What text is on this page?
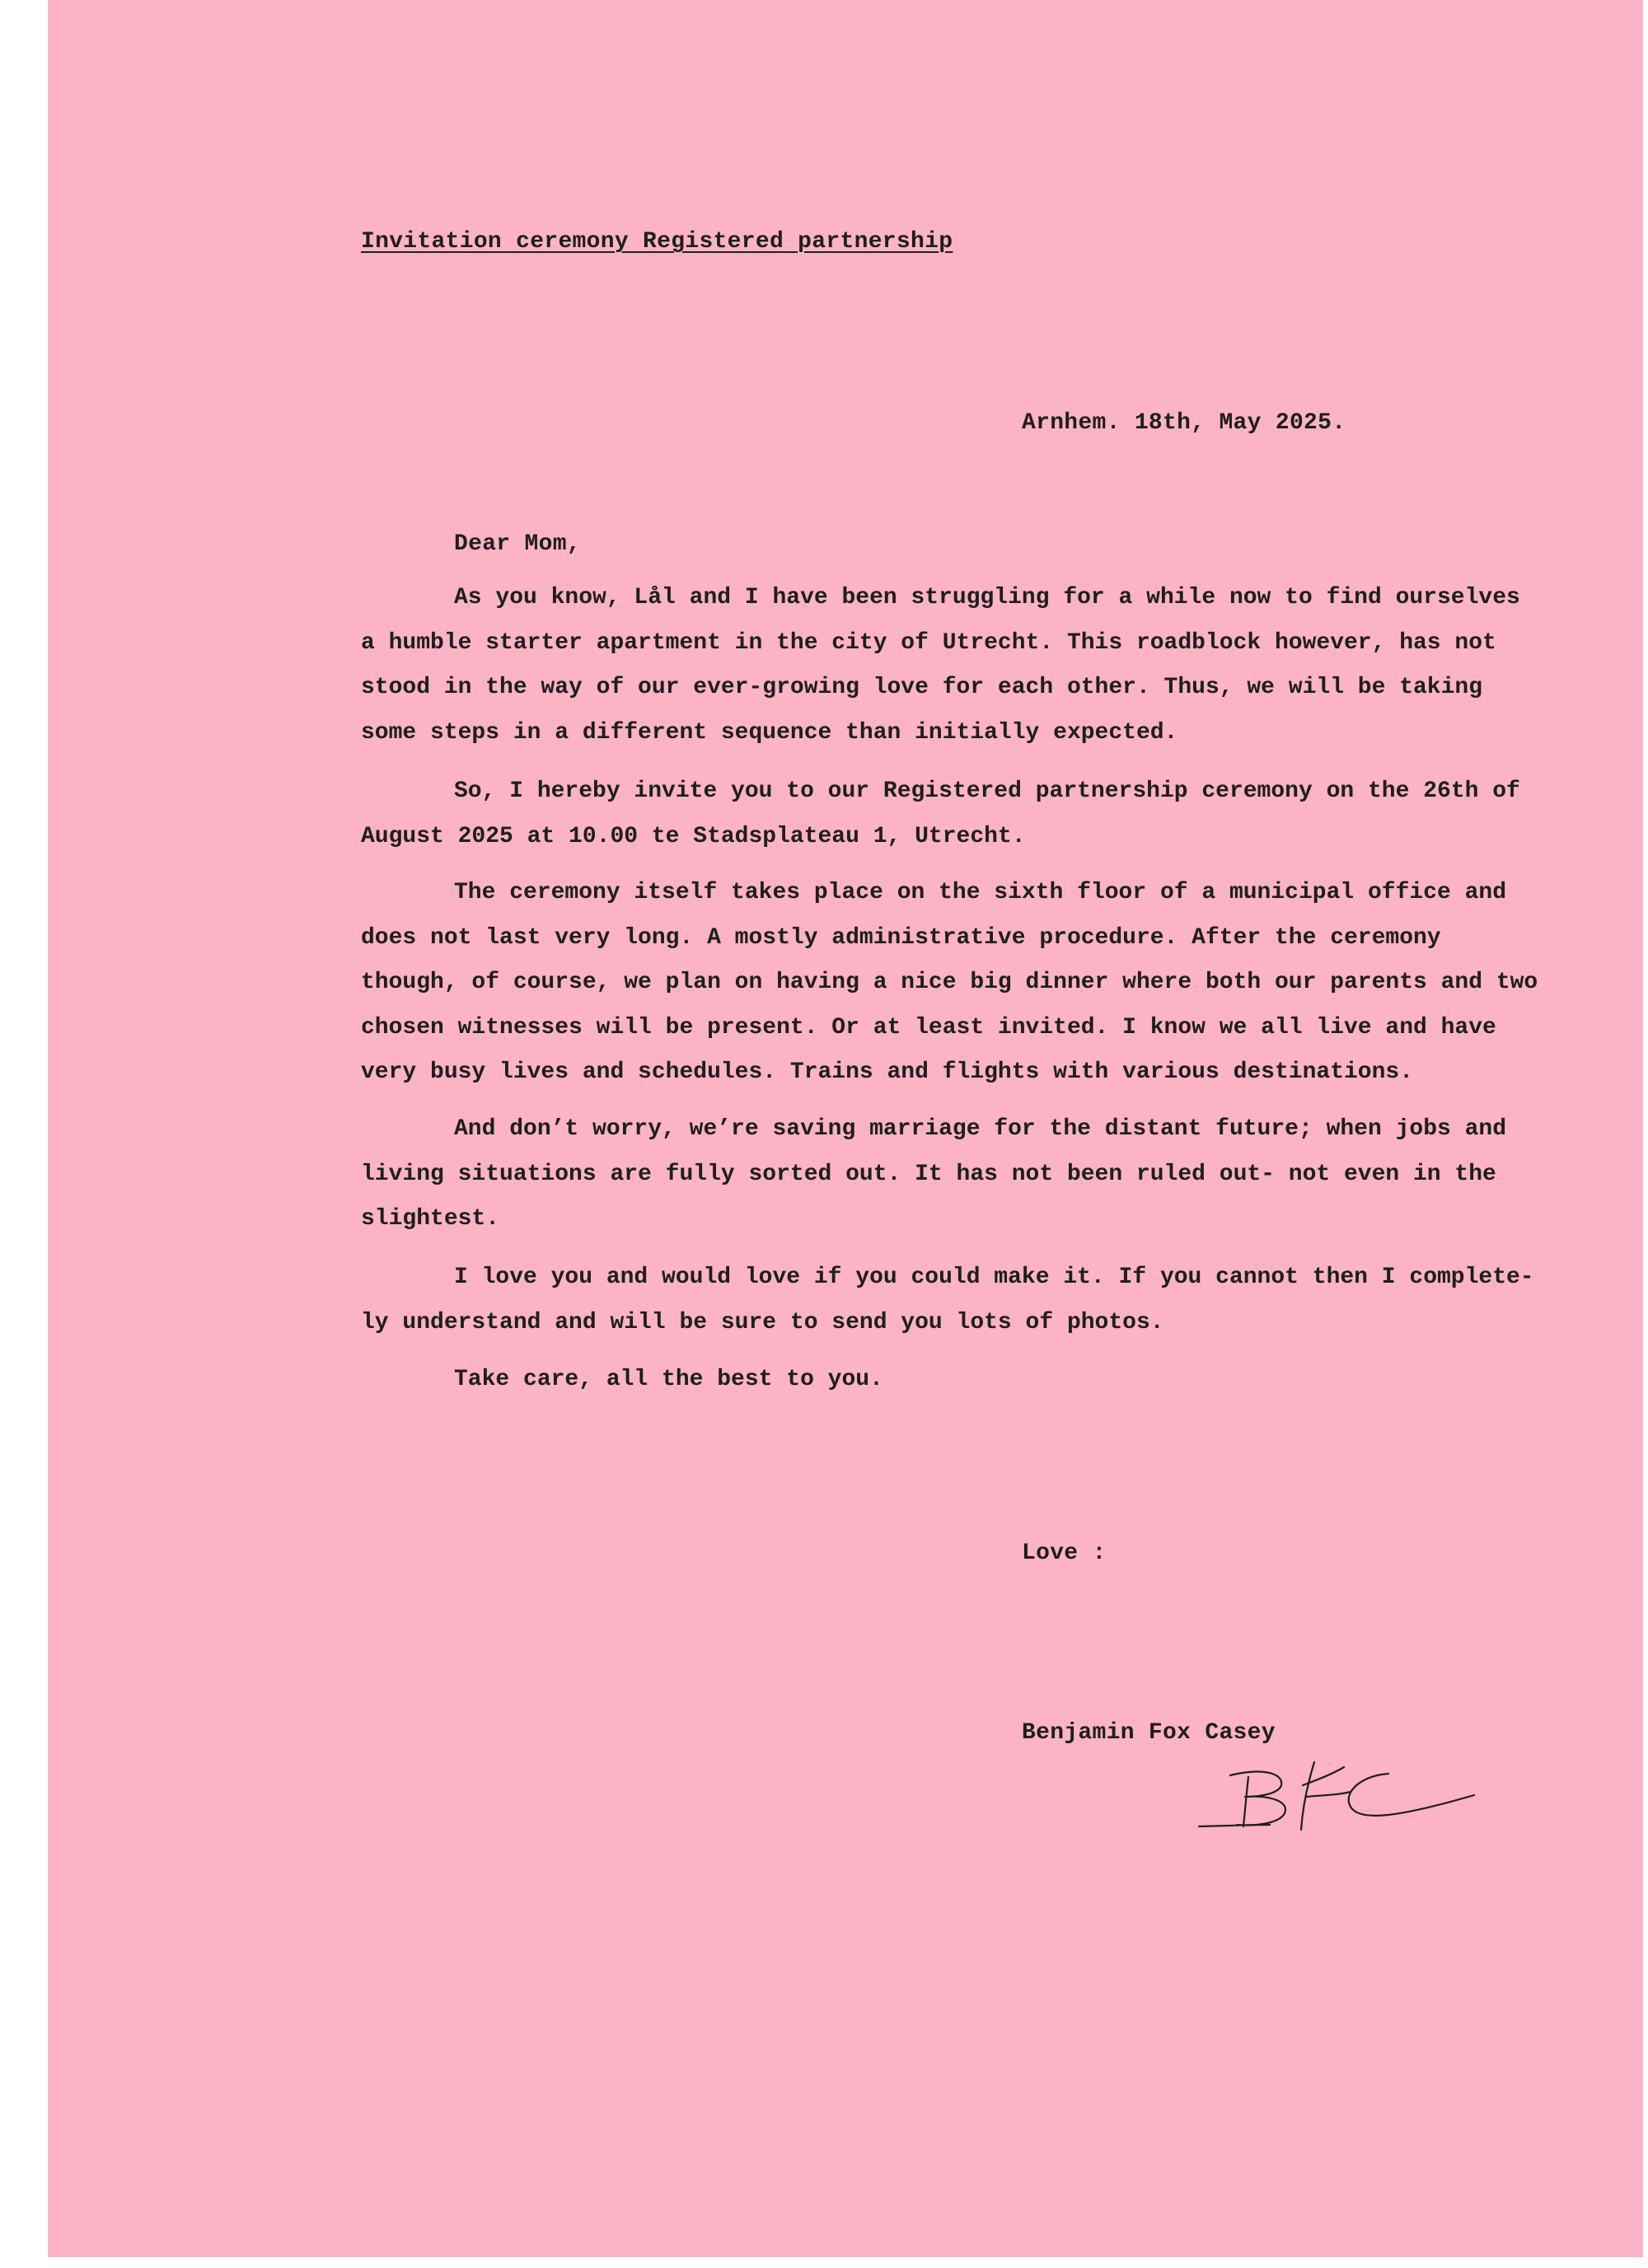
Invitation ceremony Registered partnership

Arnhem. 18th, May 2025.

Dear Mom,

As you know, Lål and I have been struggling for a while now to find ourselves
a humble starter apartment in the city of Utrecht. This roadblock however, has not
stood in the way of our ever-growing love for each other. Thus, we will be taking
some steps in a different sequence than initially expected.
So, I hereby invite you to our Registered partnership ceremony on the 26th of
August 2025 at 10.00 te Stadsplateau 1, Utrecht.
The ceremony itself takes place on the sixth floor of a municipal office and
does not last very long. A mostly administrative procedure. After the ceremony
though, of course, we plan on having a nice big dinner where both our parents and two
chosen witnesses will be present. Or at least invited. I know we all live and have
very busy lives and schedules. Trains and flights with various destinations.
And don’t worry, we’re saving marriage for the distant future; when jobs and
living situations are fully sorted out. It has not been ruled out- not even in the
slightest.
I love you and would love if you could make it. If you cannot then I complete-
ly understand and will be sure to send you lots of photos.
Take care, all the best to you.

Love :

Benjamin Fox Casey
